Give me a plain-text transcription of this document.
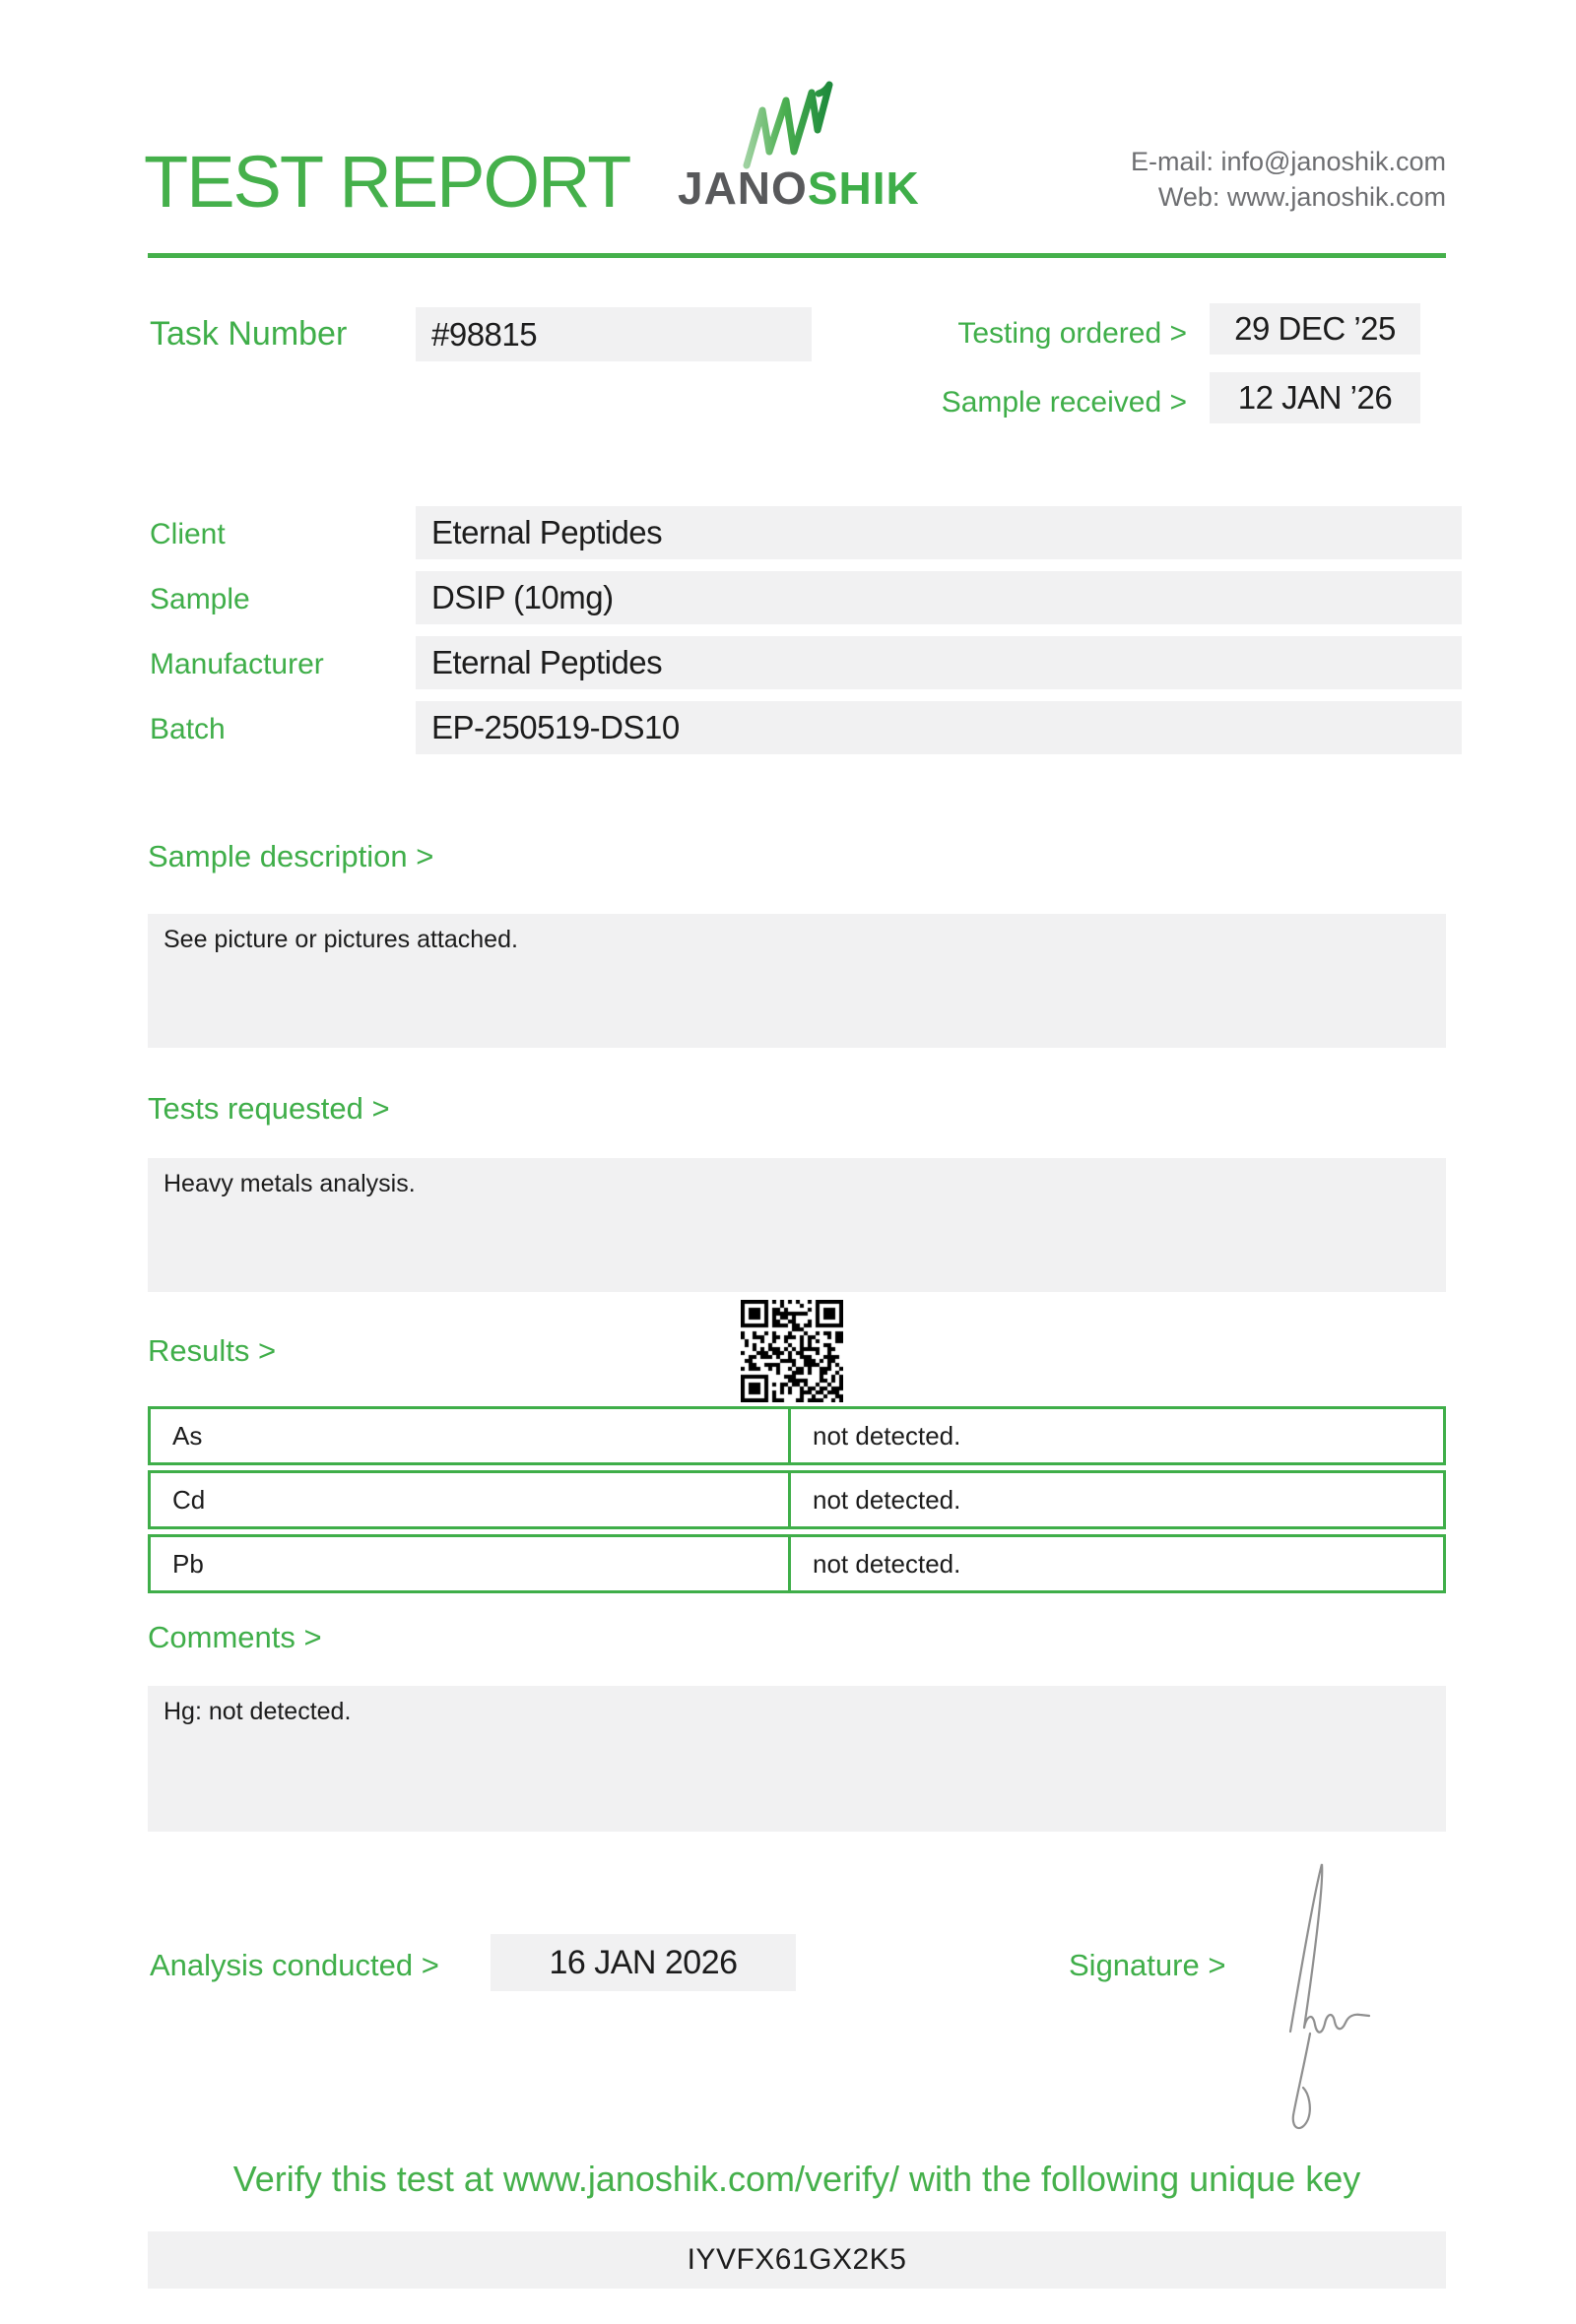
TEST REPORT JANOSHIK
E-mail: info@janoshik.com
Web: www.janoshik.com
Task Number	#98815	Testing ordered >	29 DEC ’25
Sample received >	12 JAN ’26
Client	Eternal Peptides
Sample	DSIP (10mg)
Manufacturer	Eternal Peptides
Batch	EP-250519-DS10
Sample description >
See picture or pictures attached.
Tests requested >
Heavy metals analysis.
Results >
As	not detected.
Cd	not detected.
Pb	not detected.
Comments >
Hg: not detected.
Analysis conducted >	16 JAN 2026	Signature >
Verify this test at www.janoshik.com/verify/ with the following unique key
IYVFX61GX2K5
